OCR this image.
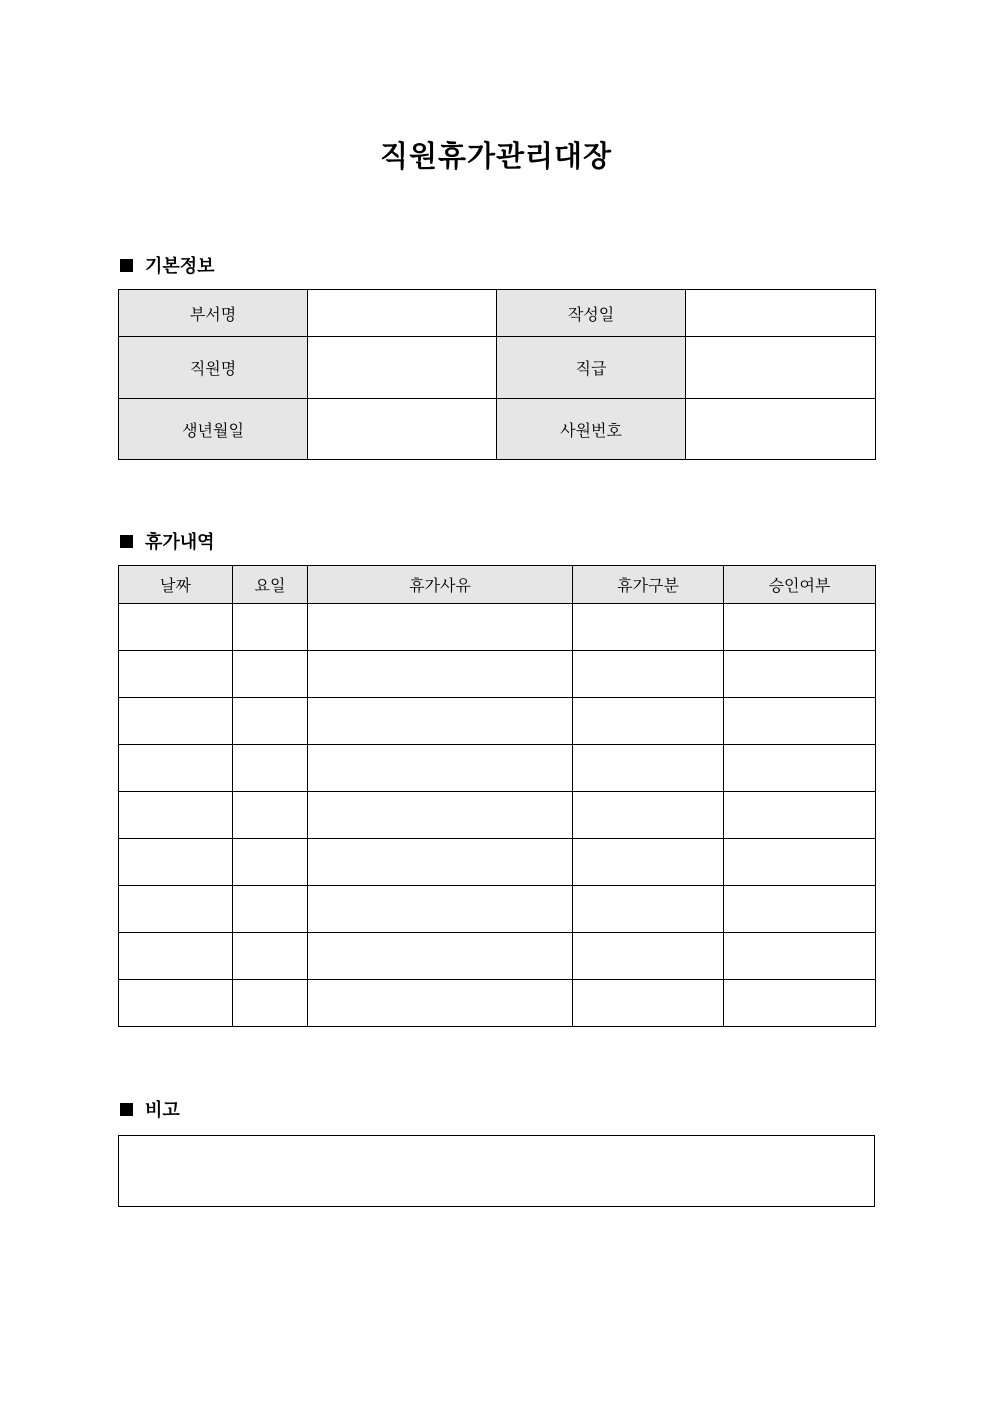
직원휴가관리대장
기본정보
부서명		작성일	
직원명		직급	
생년월일		사원번호	
휴가내역
날짜	요일	휴가사유	휴가구분	승인여부

비고
